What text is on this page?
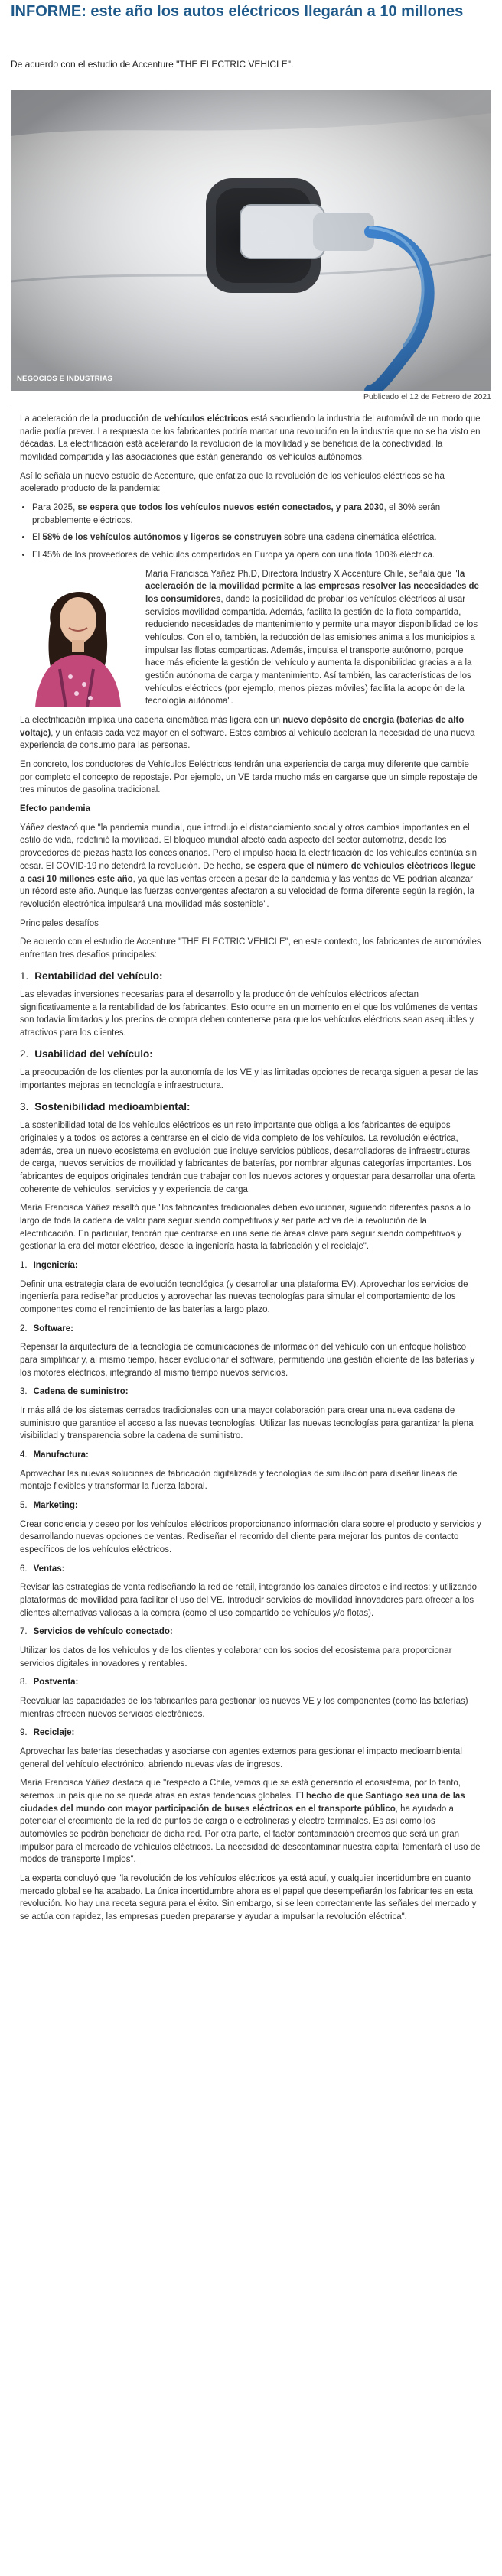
INFORME: este año los autos eléctricos llegarán a 10 millones

De acuerdo con el estudio de Accenture "THE ELECTRIC VEHICLE".

NEGOCIOS E INDUSTRIAS
Publicado el 12 de Febrero de 2021

La aceleración de la producción de vehículos eléctricos está sacudiendo la industria del automóvil de un modo que nadie podía prever. La respuesta de los fabricantes podría marcar una revolución en la industria que no se ha visto en décadas. La electrificación está acelerando la revolución de la movilidad y se beneficia de la conectividad, la movilidad compartida y las asociaciones que están generando los vehículos autónomos.

Así lo señala un nuevo estudio de Accenture, que enfatiza que la revolución de los vehículos eléctricos se ha acelerado producto de la pandemia:

• Para 2025, se espera que todos los vehículos nuevos estén conectados, y para 2030, el 30% serán probablemente eléctricos.
• El 58% de los vehículos autónomos y ligeros se construyen sobre una cadena cinemática eléctrica.
• El 45% de los proveedores de vehículos compartidos en Europa ya opera con una flota 100% eléctrica.

María Francisca Yañez Ph.D, Directora Industry X Accenture Chile, señala que "la aceleración de la movilidad permite a las empresas resolver las necesidades de los consumidores, dando la posibilidad de probar los vehículos eléctricos al usar servicios movilidad compartida. Además, facilita la gestión de la flota compartida, reduciendo necesidades de mantenimiento y permite una mayor disponibilidad de los vehículos. Con ello, también, la reducción de las emisiones anima a los municipios a impulsar las flotas compartidas. Además, impulsa el transporte autónomo, porque hace más eficiente la gestión del vehículo y aumenta la disponibilidad gracias a a la gestión autónoma de carga y mantenimiento. Así también, las características de los vehículos eléctricos (por ejemplo, menos piezas móviles) facilita la adopción de la tecnología autónoma".

La electrificación implica una cadena cinemática más ligera con un nuevo depósito de energía (baterías de alto voltaje), y un énfasis cada vez mayor en el software. Estos cambios al vehículo aceleran la necesidad de una nueva experiencia de consumo para las personas.

En concreto, los conductores de Vehículos Eeléctricos tendrán una experiencia de carga muy diferente que cambie por completo el concepto de repostaje. Por ejemplo, un VE tarda mucho más en cargarse que un simple repostaje de tres minutos de gasolina tradicional.

Efecto pandemia

Yáñez destacó que "la pandemia mundial, que introdujo el distanciamiento social y otros cambios importantes en el estilo de vida, redefinió la movilidad. El bloqueo mundial afectó cada aspecto del sector automotriz, desde los proveedores de piezas hasta los concesionarios. Pero el impulso hacia la electrificación de los vehículos continúa sin cesar. El COVID-19 no detendrá la revolución. De hecho, se espera que el número de vehículos eléctricos llegue a casi 10 millones este año, ya que las ventas crecen a pesar de la pandemia y las ventas de VE podrían alcanzar un récord este año. Aunque las fuerzas convergentes afectaron a su velocidad de forma diferente según la región, la revolución electrónica impulsará una movilidad más sostenible".

Principales desafíos

De acuerdo con el estudio de Accenture "THE ELECTRIC VEHICLE", en este contexto, los fabricantes de automóviles enfrentan tres desafíos principales:

1. Rentabilidad del vehículo:

Las elevadas inversiones necesarias para el desarrollo y la producción de vehículos eléctricos afectan significativamente a la rentabilidad de los fabricantes. Esto ocurre en un momento en el que los volúmenes de ventas son todavía limitados y los precios de compra deben contenerse para que los vehículos eléctricos sean asequibles y atractivos para los clientes.

2. Usabilidad del vehículo:

La preocupación de los clientes por la autonomía de los VE y las limitadas opciones de recarga siguen a pesar de las importantes mejoras en tecnología e infraestructura.

3. Sostenibilidad medioambiental:

La sostenibilidad total de los vehículos eléctricos es un reto importante que obliga a los fabricantes de equipos originales y a todos los actores a centrarse en el ciclo de vida completo de los vehículos. La revolución eléctrica, además, crea un nuevo ecosistema en evolución que incluye servicios públicos, desarrolladores de infraestructuras de carga, nuevos servicios de movilidad y fabricantes de baterías, por nombrar algunas categorías importantes. Los fabricantes de equipos originales tendrán que trabajar con los nuevos actores y orquestar para desarrollar una oferta coherente de vehículos, servicios y y experiencia de carga.

María Francisca Yáñez resaltó que "los fabricantes tradicionales deben evolucionar, siguiendo diferentes pasos a lo largo de toda la cadena de valor para seguir siendo competitivos y ser parte activa de la revolución de la electrificación. En particular, tendrán que centrarse en una serie de áreas clave para seguir siendo competitivos y gestionar la era del motor eléctrico, desde la ingeniería hasta la fabricación y el reciclaje".

1. Ingeniería:

Definir una estrategia clara de evolución tecnológica (y desarrollar una plataforma EV). Aprovechar los servicios de ingeniería para rediseñar productos y aprovechar las nuevas tecnologías para simular el comportamiento de los componentes como el rendimiento de las baterías a largo plazo.

2. Software:

Repensar la arquitectura de la tecnología de comunicaciones de información del vehículo con un enfoque holístico para simplificar y, al mismo tiempo, hacer evolucionar el software, permitiendo una gestión eficiente de las baterías y los motores eléctricos, integrando al mismo tiempo nuevos servicios.

3. Cadena de suministro:

Ir más allá de los sistemas cerrados tradicionales con una mayor colaboración para crear una nueva cadena de suministro que garantice el acceso a las nuevas tecnologías. Utilizar las nuevas tecnologías para garantizar la plena visibilidad y transparencia sobre la cadena de suministro.

4. Manufactura:

Aprovechar las nuevas soluciones de fabricación digitalizada y tecnologías de simulación para diseñar líneas de montaje flexibles y transformar la fuerza laboral.

5. Marketing:

Crear conciencia y deseo por los vehículos eléctricos proporcionando información clara sobre el producto y servicios y desarrollando nuevas opciones de ventas. Rediseñar el recorrido del cliente para mejorar los puntos de contacto específicos de los vehículos eléctricos.

6. Ventas:

Revisar las estrategias de venta rediseñando la red de retail, integrando los canales directos e indirectos; y utilizando plataformas de movilidad para facilitar el uso del VE. Introducir servicios de movilidad innovadores para ofrecer a los clientes alternativas valiosas a la compra (como el uso compartido de vehículos y/o flotas).

7. Servicios de vehículo conectado:

Utilizar los datos de los vehículos y de los clientes y colaborar con los socios del ecosistema para proporcionar servicios digitales innovadores y rentables.

8. Postventa:

Reevaluar las capacidades de los fabricantes para gestionar los nuevos VE y los componentes (como las baterías) mientras ofrecen nuevos servicios electrónicos.

9. Reciclaje:

Aprovechar las baterías desechadas y asociarse con agentes externos para gestionar el impacto medioambiental general del vehículo electrónico, abriendo nuevas vías de ingresos.

María Francisca Yáñez destaca que "respecto a Chile, vemos que se está generando el ecosistema, por lo tanto, seremos un país que no se queda atrás en estas tendencias globales. El hecho de que Santiago sea una de las ciudades del mundo con mayor participación de buses eléctricos en el transporte público, ha ayudado a potenciar el crecimiento de la red de puntos de carga o electrolineras y electro terminales. Es así como los automóviles se podrán beneficiar de dicha red. Por otra parte, el factor contaminación creemos que será un gran impulsor para el mercado de vehículos eléctricos. La necesidad de descontaminar nuestra capital fomentará el uso de modos de transporte limpios".

La experta concluyó que "la revolución de los vehículos eléctricos ya está aquí, y cualquier incertidumbre en cuanto mercado global se ha acabado. La única incertidumbre ahora es el papel que desempeñarán los fabricantes en esta revolución. No hay una receta segura para el éxito. Sin embargo, si se leen correctamente las señales del mercado y se actúa con rapidez, las empresas pueden prepararse y ayudar a impulsar la revolución eléctrica".
